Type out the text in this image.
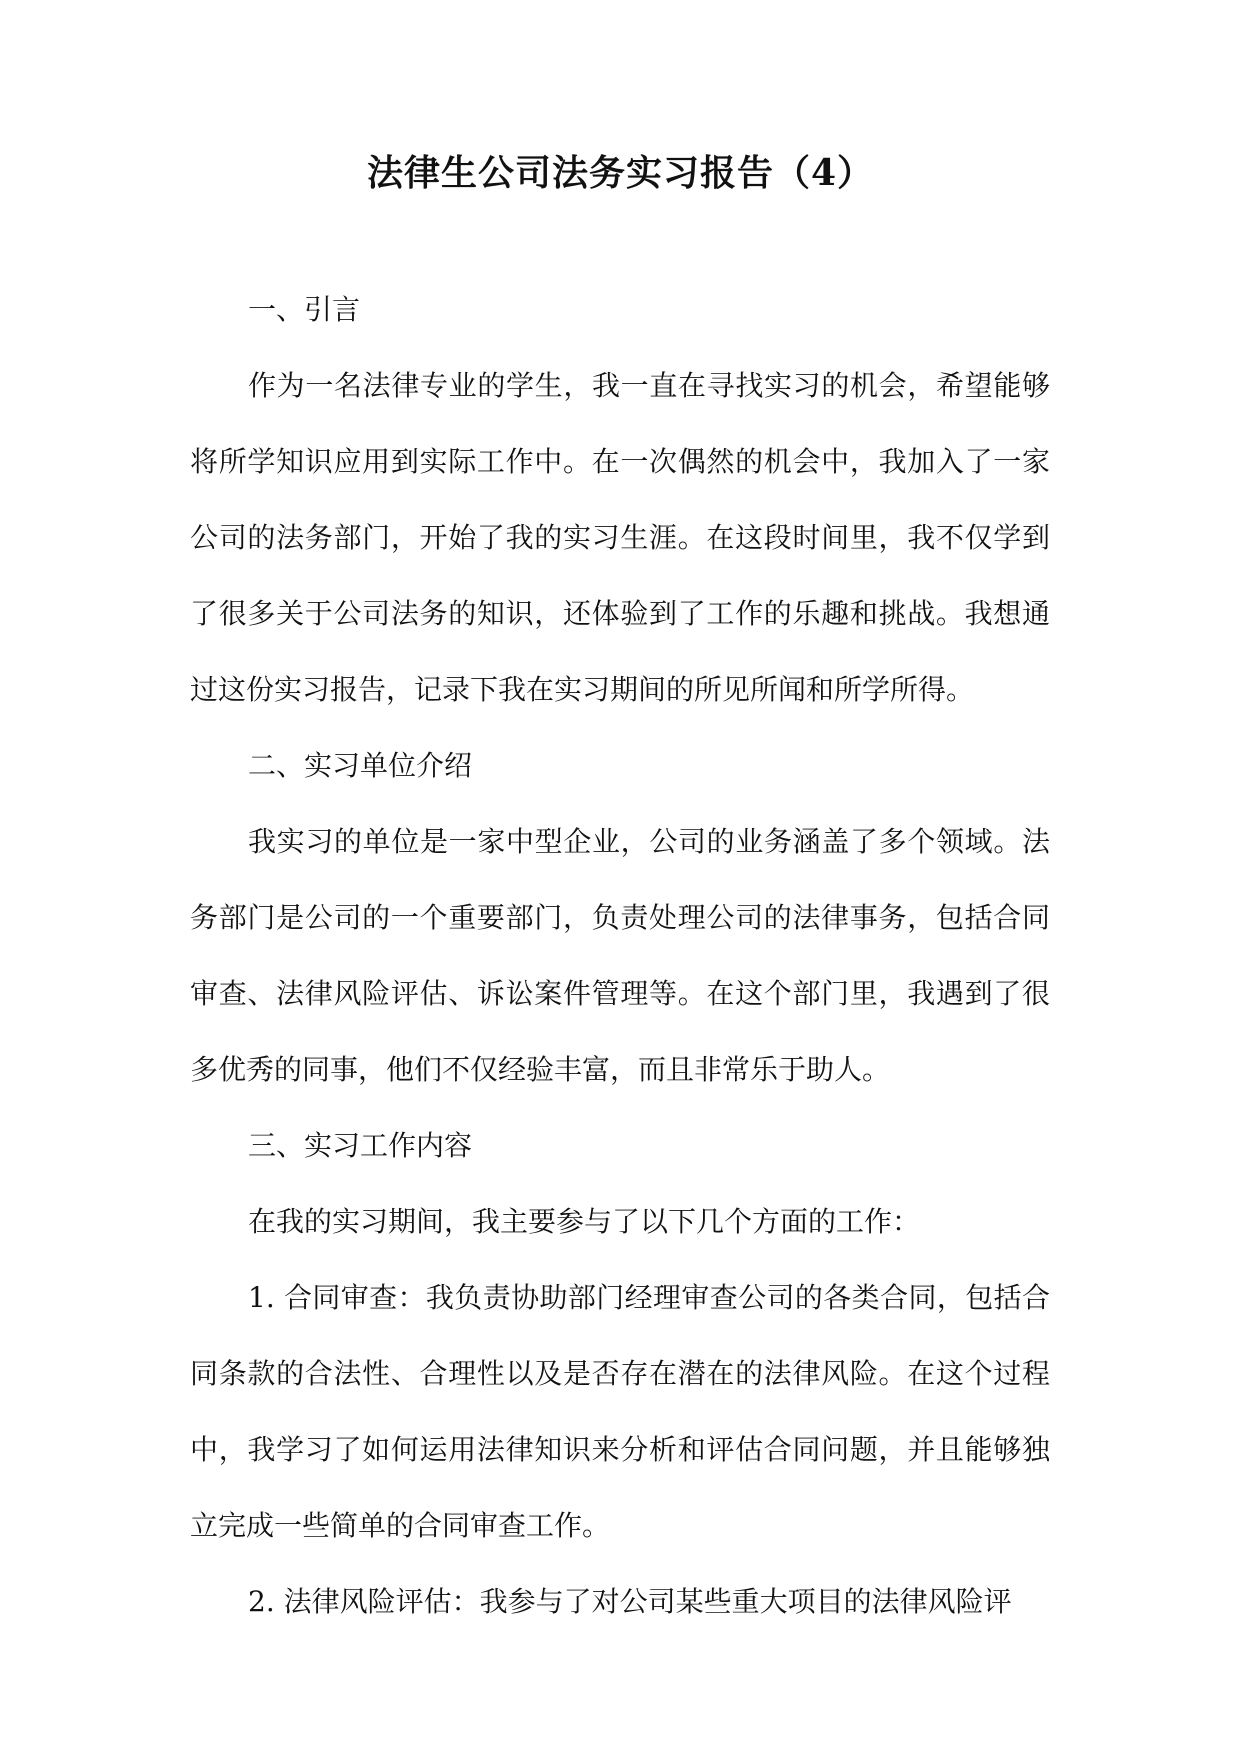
法律生公司法务实习报告（4）

一、引言

作为一名法律专业的学生，我一直在寻找实习的机会，希望能够将所学知识应用到实际工作中。在一次偶然的机会中，我加入了一家公司的法务部门，开始了我的实习生涯。在这段时间里，我不仅学到了很多关于公司法务的知识，还体验到了工作的乐趣和挑战。我想通过这份实习报告，记录下我在实习期间的所见所闻和所学所得。

二、实习单位介绍

我实习的单位是一家中型企业，公司的业务涵盖了多个领域。法务部门是公司的一个重要部门，负责处理公司的法律事务，包括合同审查、法律风险评估、诉讼案件管理等。在这个部门里，我遇到了很多优秀的同事，他们不仅经验丰富，而且非常乐于助人。

三、实习工作内容

在我的实习期间，我主要参与了以下几个方面的工作：

1. 合同审查：我负责协助部门经理审查公司的各类合同，包括合同条款的合法性、合理性以及是否存在潜在的法律风险。在这个过程中，我学习了如何运用法律知识来分析和评估合同问题，并且能够独立完成一些简单的合同审查工作。

2. 法律风险评估：我参与了对公司某些重大项目的法律风险评
